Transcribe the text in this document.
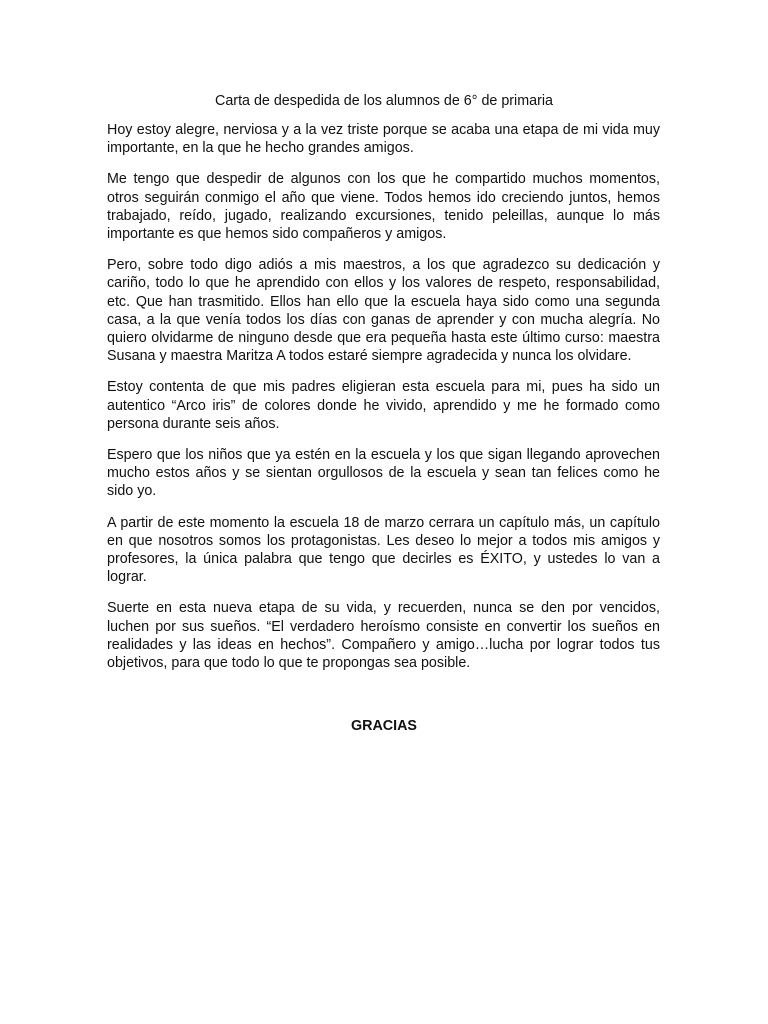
Carta de despedida de los alumnos de 6° de primaria

Hoy estoy alegre, nerviosa y a la vez triste porque se acaba una etapa de mi vida muy importante, en la que he hecho grandes amigos.

Me tengo que despedir de algunos con los que he compartido muchos momentos, otros seguirán conmigo el año que viene. Todos hemos ido creciendo juntos, hemos trabajado, reído, jugado, realizando excursiones, tenido peleillas, aunque lo más importante es que hemos sido compañeros y amigos.

Pero, sobre todo digo adiós a mis maestros, a los que agradezco su dedicación y cariño, todo lo que he aprendido con ellos y los valores de respeto, responsabilidad, etc. Que han trasmitido. Ellos han ello que la escuela haya sido como una segunda casa, a la que venía todos los días con ganas de aprender y con mucha alegría. No quiero olvidarme de ninguno desde que era pequeña hasta este último curso: maestra Susana y maestra Maritza A todos estaré siempre agradecida y nunca los olvidare.

Estoy contenta de que mis padres eligieran esta escuela para mi, pues ha sido un autentico “Arco iris” de colores donde he vivido, aprendido y me he formado como persona durante seis años.

Espero que los niños que ya estén en la escuela y los que sigan llegando aprovechen mucho estos años y se sientan orgullosos de la escuela y sean tan felices como he sido yo.

A partir de este momento la escuela 18 de marzo cerrara un capítulo más, un capítulo en que nosotros somos los protagonistas. Les deseo lo mejor a todos mis amigos y profesores, la única palabra que tengo que decirles es ÉXITO, y ustedes lo van a lograr.

Suerte en esta nueva etapa de su vida, y recuerden, nunca se den por vencidos, luchen por sus sueños. “El verdadero heroísmo consiste en convertir los sueños en realidades y las ideas en hechos”. Compañero y amigo…lucha por lograr todos tus objetivos, para que todo lo que te propongas sea posible.

GRACIAS
